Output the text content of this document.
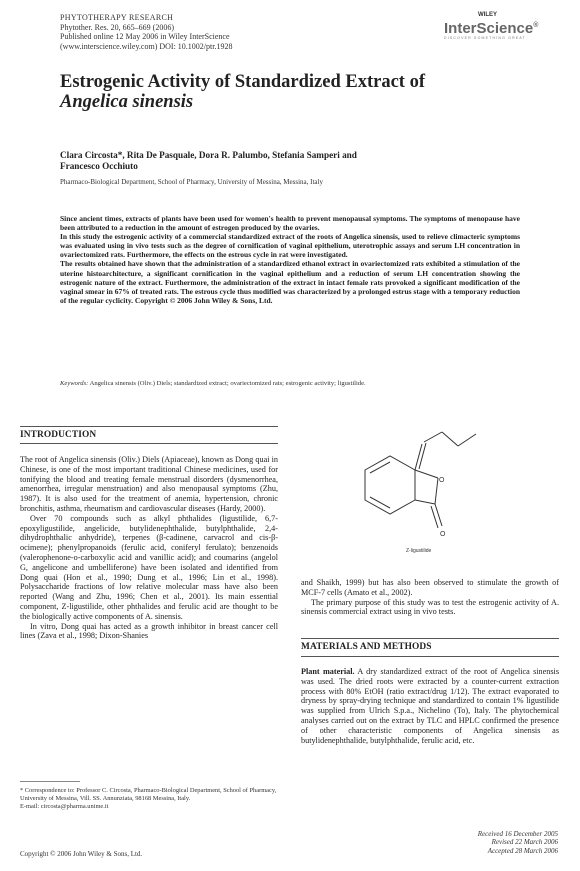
PHYTOTHERAPY RESEARCH
Phytother. Res. 20, 665–669 (2006)
Published online 12 May 2006 in Wiley InterScience
(www.interscience.wiley.com) DOI: 10.1002/ptr.1928
WILEY
InterScience®
DISCOVER SOMETHING GREAT
Estrogenic Activity of Standardized Extract of
Angelica sinensis
Clara Circosta*, Rita De Pasquale, Dora R. Palumbo, Stefania Samperi and
Francesco Occhiuto
Pharmaco-Biological Department, School of Pharmacy, University of Messina, Messina, Italy

Since ancient times, extracts of plants have been used for women's health to prevent menopausal symptoms. The symptoms of menopause have been attributed to a reduction in the amount of estrogen produced by the ovaries.

In this study the estrogenic activity of a commercial standardized extract of the roots of Angelica sinensis, used to relieve climacteric symptoms was evaluated using in vivo tests such as the degree of cornification of vaginal epithelium, uterotrophic assays and serum LH concentration in ovariectomized rats. Furthermore, the effects on the estrous cycle in rat were investigated.

The results obtained have shown that the administration of a standardized ethanol extract in ovariectomized rats exhibited a stimulation of the uterine histoarchitecture, a significant cornification in the vaginal epithelium and a reduction of serum LH concentration showing the estrogenic nature of the extract. Furthermore, the administration of the extract in intact female rats provoked a significant modification of the vaginal smear in 67% of treated rats. The estrous cycle thus modified was characterized by a prolonged estrus stage with a temporary reduction of the regular cyclicity. Copyright © 2006 John Wiley & Sons, Ltd.

Keywords: Angelica sinensis (Oliv.) Diels; standardized extract; ovariectomized rats; estrogenic activity; ligustilide.
INTRODUCTION

The root of Angelica sinensis (Oliv.) Diels (Apiaceae), known as Dong quai in Chinese, is one of the most important traditional Chinese medicines, used for tonifying the blood and treating female menstrual disorders (dysmenorrhea, amenorrhea, irregular menstruation) and also menopausal symptoms (Zhu, 1987). It is also used for the treatment of anemia, hypertension, chronic bronchitis, asthma, rheumatism and cardiovascular diseases (Hardy, 2000).

Over 70 compounds such as alkyl phthalides (ligustilide, 6,7-epoxyligustilide, angelicide, butylidenephthalide, butylphthalide, 2,4-dihydrophthalic anhydride), terpenes (β-cadinene, carvacrol and cis-β-ocimene); phenylpropanoids (ferulic acid, coniferyl ferulato); benzenoids (valerophenone-o-carboxylic acid and vanillic acid); and coumarins (angelol G, angelicone and umbelliferone) have been isolated and identified from Dong quai (Hon et al., 1990; Dung et al., 1996; Lin et al., 1998). Polysaccharide fractions of low relative molecular mass have also been reported (Wang and Zhu, 1996; Chen et al., 2001). Its main essential component, Z-ligustilide, other phthalides and ferulic acid are thought to be the biologically active components of A. sinensis.

In vitro, Dong quai has acted as a growth inhibitor in breast cancer cell lines (Zava et al., 1998; Dixon-Shanies

O
O
Z-ligustilide

and Shaikh, 1999) but has also been observed to stimulate the growth of MCF-7 cells (Amato et al., 2002).

The primary purpose of this study was to test the estrogenic activity of A. sinensis commercial extract using in vivo tests.

MATERIALS AND METHODS

Plant material. A dry standardized extract of the root of Angelica sinensis was used. The dried roots were extracted by a counter-current extraction process with 80% EtOH (ratio extract/drug 1/12). The extract evaporated to dryness by spray-drying technique and standardized to contain 1% ligustilide was supplied from Ulrich S.p.a., Nichelino (To), Italy. The phytochemical analyses carried out on the extract by TLC and HPLC confirmed the presence of other characteristic components of Angelica sinensis as butylidenephthalide, butylphthalide, ferulic acid, etc.

* Correspondence to: Professor C. Circosta, Pharmaco-Biological Department, School of Pharmacy, University of Messina, Vill. SS. Annunziata, 98168 Messina, Italy.
E-mail: circosta@pharma.unime.it
Copyright © 2006 John Wiley & Sons, Ltd.
Received 16 December 2005
Revised 22 March 2006
Accepted 28 March 2006
